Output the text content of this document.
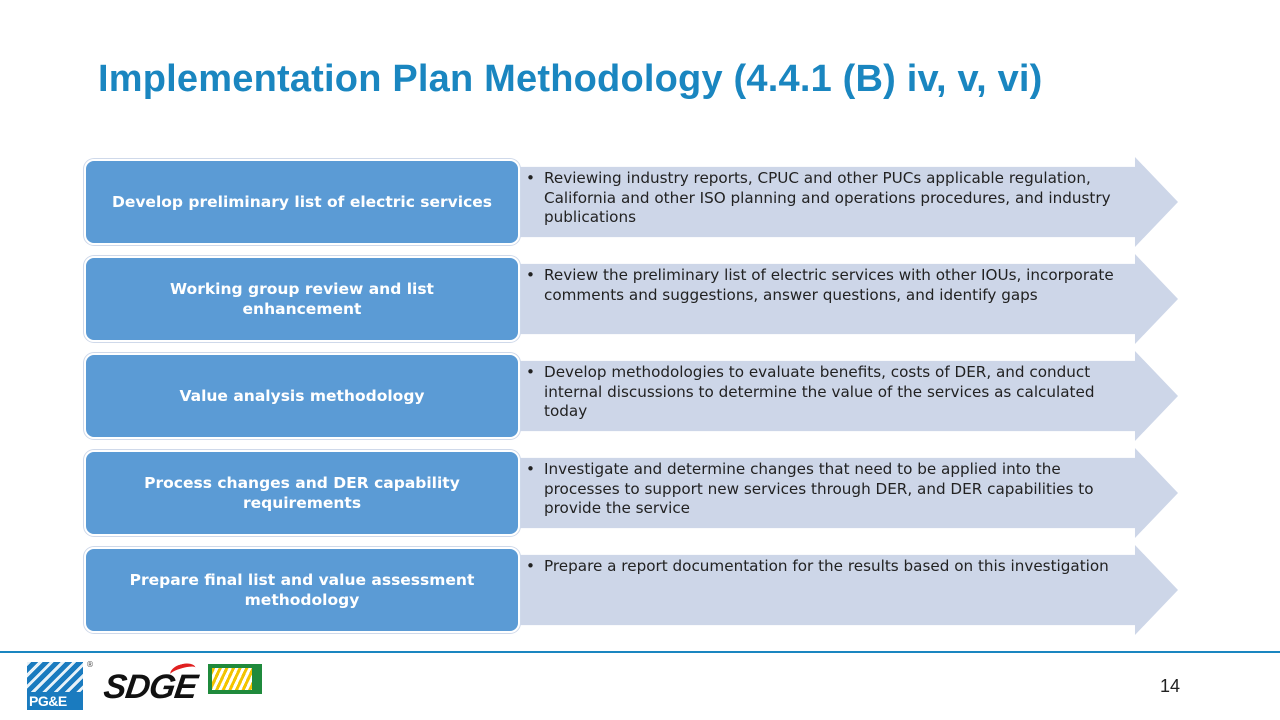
Implementation Plan Methodology (4.4.1 (B) iv, v, vi)
• Reviewing industry reports, CPUC and other PUCs applicable regulation, California and other ISO planning and operations procedures, and industry publications
Develop preliminary list of electric services
• Review the preliminary list of electric services with other IOUs, incorporate comments and suggestions, answer questions, and identify gaps
Working group review and list enhancement
• Develop methodologies to evaluate benefits, costs of DER, and conduct internal discussions to determine the value of the services as calculated today
Value analysis methodology
• Investigate and determine changes that need to be applied into the processes to support new services through DER, and DER capabilities to provide the service
Process changes and DER capability requirements
• Prepare a report documentation for the results based on this investigation
Prepare final list and value assessment methodology
PG&E
®
SDGE	14
